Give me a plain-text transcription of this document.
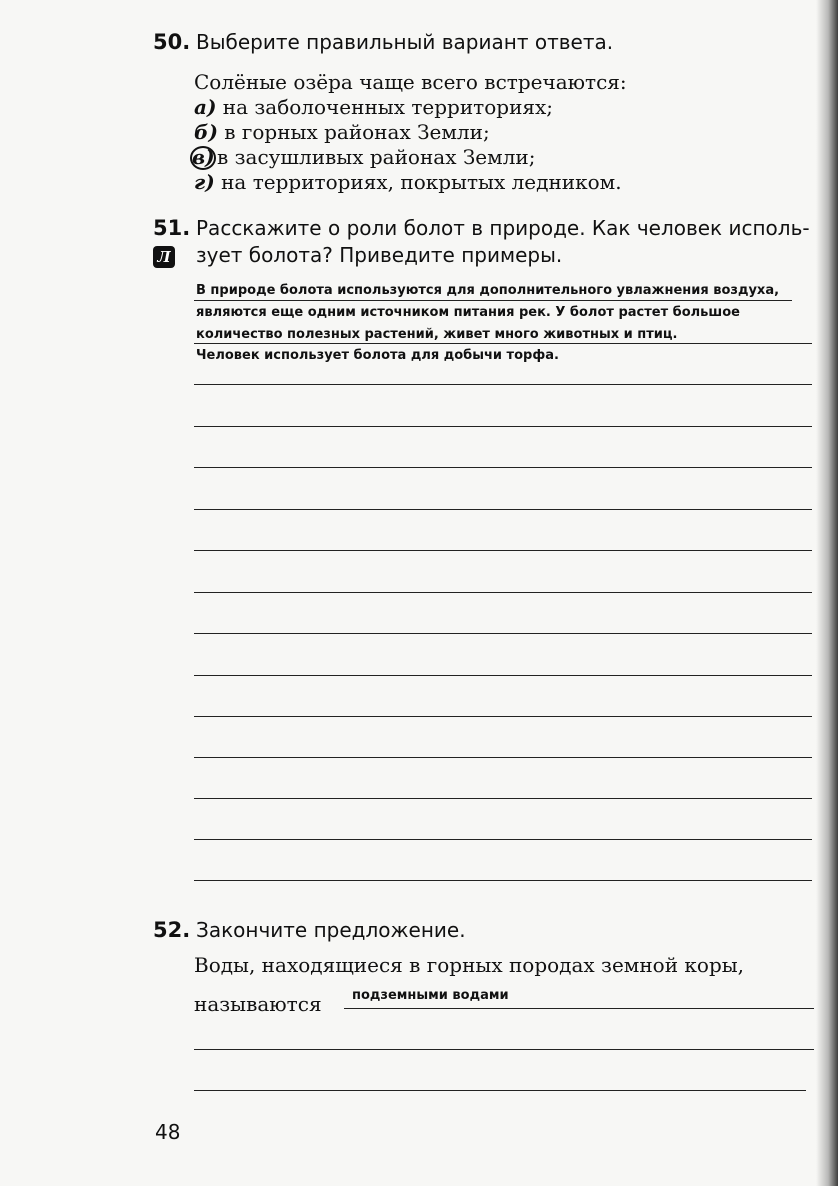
50. Выберите правильный вариант ответа.
Солёные озёра чаще всего встречаются:
а) на заболоченных территориях;
б) в горных районах Земли;
в) в засушливых районах Земли;
г) на территориях, покрытых ледником.
51.
Л
Расскажите о роли болот в природе. Как человек исполь-
зует болота? Приведите примеры.
В природе болота используются для дополнительного увлажнения воздуха,
являются еще одним источником питания рек. У болот растет большое
количество полезных растений, живет много животных и птиц.
Человек использует болота для добычи торфа.
52. Закончите предложение.
Воды, находящиеся в горных породах земной коры,
называются подземными водами
48
